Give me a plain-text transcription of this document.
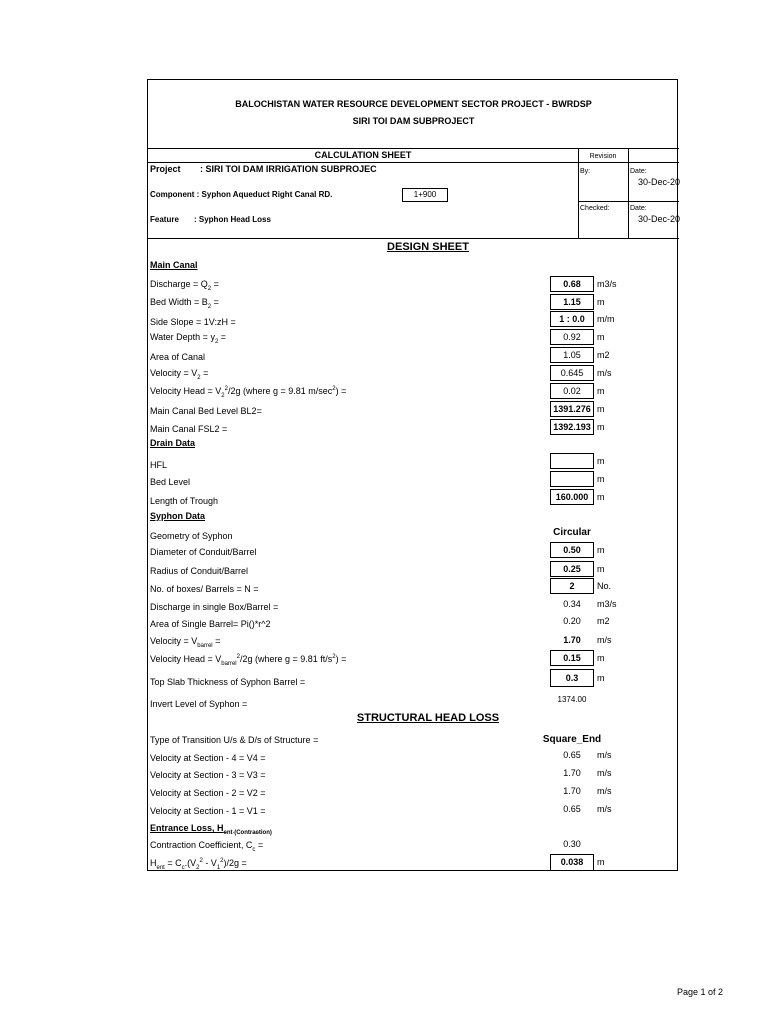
BALOCHISTAN WATER RESOURCE DEVELOPMENT SECTOR PROJECT - BWRDSP
SIRI TOI DAM SUBPROJECT
CALCULATION SHEET	Revision
Project : SIRI TOI DAM IRRIGATION SUBPROJEC	By:	Date:
30-Dec-20
Component : Syphon Aqueduct Right Canal RD.	1+900
Checked:	Date:
30-Dec-20
Feature : Syphon Head Loss
DESIGN SHEET
Main Canal
Discharge = $Q_2$ =	0.68	m3/s
Bed Width = $B_2$ =	1.15	m
Side Slope = 1V:zH =	1 : 0.0	m/m
Water Depth = $y_2$ =	0.92	m
Area of Canal	1.05	m2
Velocity = $V_2$ =	0.645	m/s
Velocity Head = $V_2^2/2g$ (where g = 9.81 $m/\sec^2$) =	0.02	m
Main Canal Bed Level BL2=	1391.276 m
Main Canal FSL2 =	1392.193 m
Drain Data
HFL	m
Bed Level	m
Length of Trough	160.000 m
Syphon Data
Geometry of Syphon	Circular
Diameter of Conduit/Barrel	0.50	m
Radius of Conduit/Barrel	0.25	m
No. of boxes/ Barrels = N =	2	No.
Discharge in single Box/Barrel =	0.34	m3/s
Area of Single Barrel= Pi()*r^2	0.20	m2
Velocity = $V_{barrel}$ =	1.70	m/s
Velocity Head = $V_{barrel}^2/2g$ (where g = 9.81 $ft/s^2$) =	0.15	m
Top Slab Thickness of Syphon Barrel =	0.3	m
Invert Level of Syphon =	1374.00
STRUCTURAL HEAD LOSS
Type of Transition U/s & D/s of Structure =	Square_End
Velocity at Section - 4 = V4 =	0.65	m/s
Velocity at Section - 3 = V3 =	1.70	m/s
Velocity at Section - 2 = V2 =	1.70	m/s
Velocity at Section - 1 = V1 =	0.65	m/s
Entrance Loss, $H_{ent (Contraction)}$
Contraction Coefficient, $C_c$ =	0.30
$H_{ent} = C_c.(V_2^2 - V_1^2)/2g$ =	0.038	m
Page 1 of 2
